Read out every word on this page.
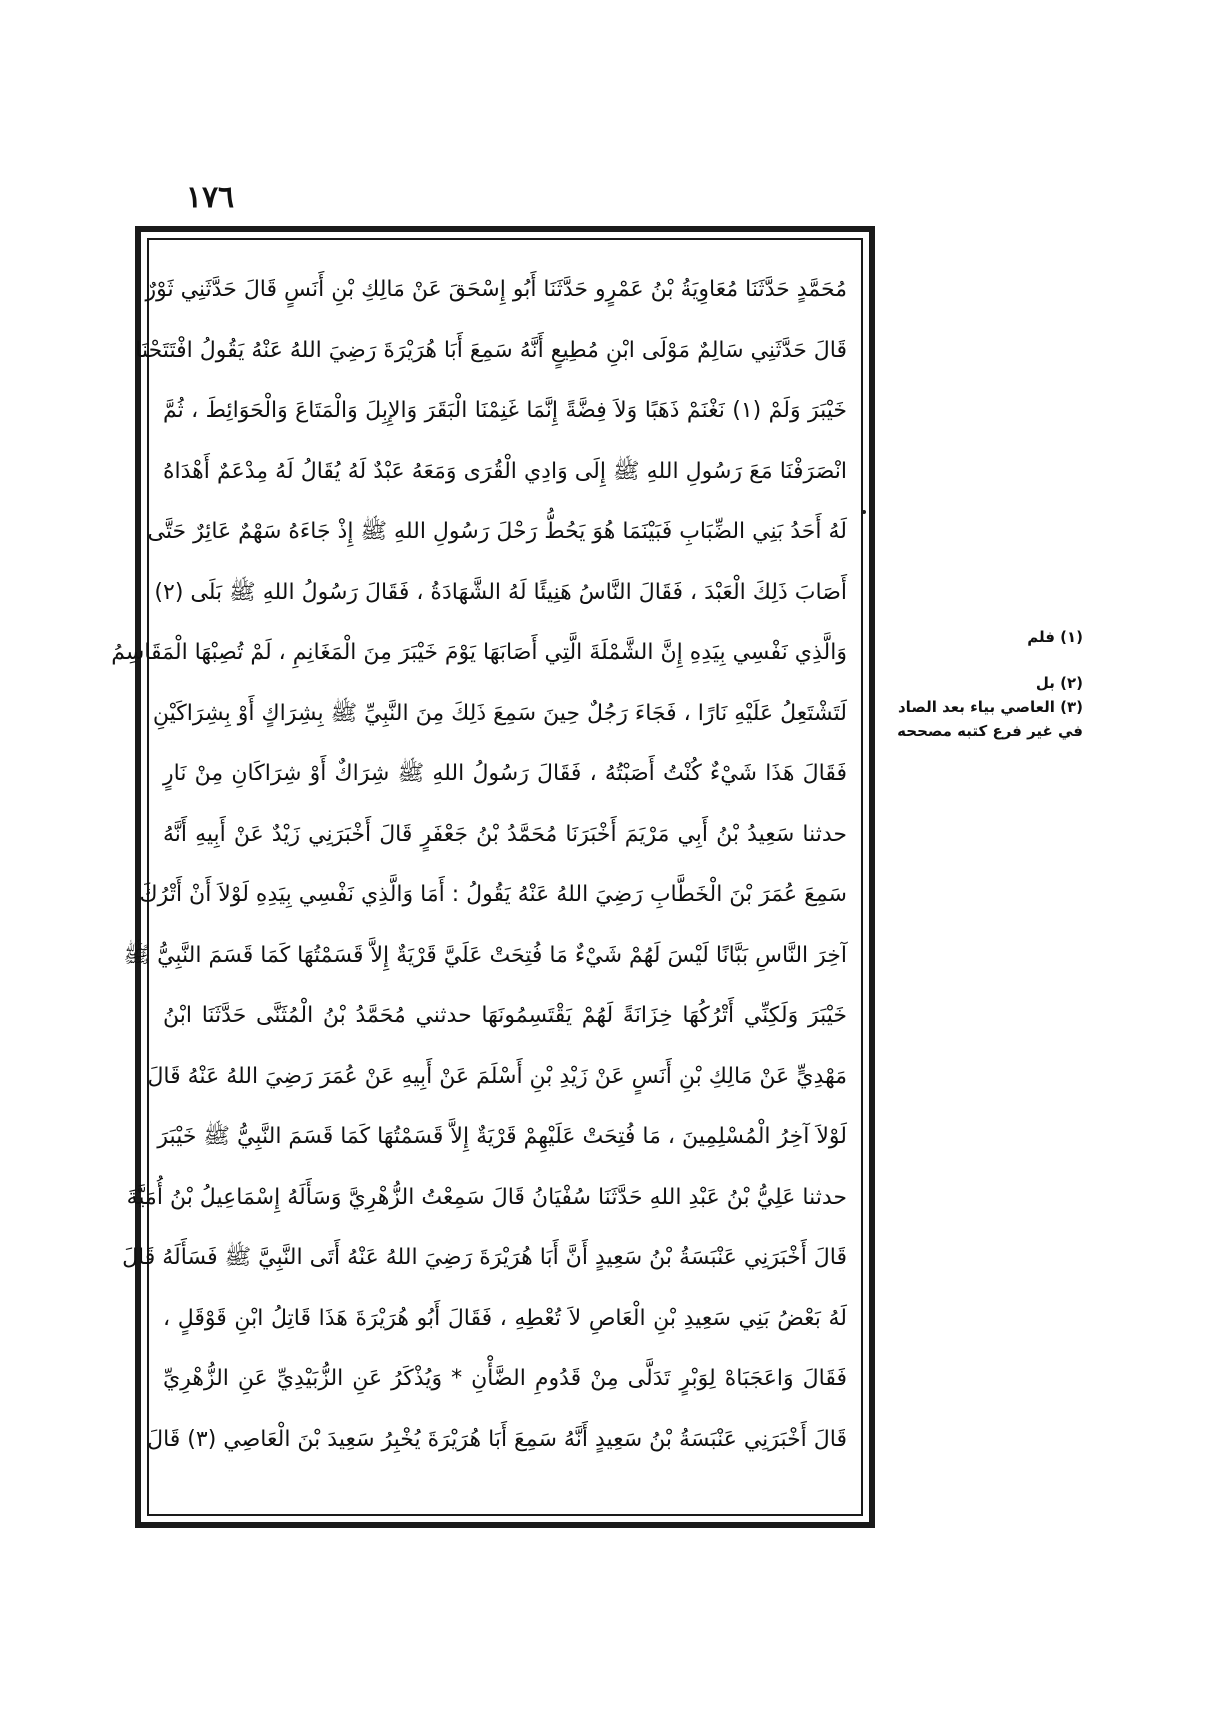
١٧٦
مُحَمَّدٍ حَدَّثَنَا مُعَاوِيَةُ بْنُ عَمْرٍو حَدَّثَنَا أَبُو إِسْحَقَ عَنْ مَالِكِ بْنِ أَنَسٍ قَالَ حَدَّثَنِي ثَوْرٌ
قَالَ حَدَّثَنِي سَالِمٌ مَوْلَى ابْنِ مُطِيعٍ أَنَّهُ سَمِعَ أَبَا هُرَيْرَةَ رَضِيَ اللهُ عَنْهُ يَقُولُ افْتَتَحْنَا
خَيْبَرَ وَلَمْ (١) نَغْنَمْ ذَهَبًا وَلاَ فِضَّةً إِنَّمَا غَنِمْنَا الْبَقَرَ وَالإِبِلَ وَالْمَتَاعَ وَالْحَوَائِطَ ، ثُمَّ
انْصَرَفْنَا مَعَ رَسُولِ اللهِ ﷺ إِلَى وَادِي الْقُرَى وَمَعَهُ عَبْدٌ لَهُ يُقَالُ لَهُ مِدْعَمٌ أَهْدَاهُ
لَهُ أَحَدُ بَنِي الضِّبَابِ فَبَيْنَمَا هُوَ يَحُطُّ رَحْلَ رَسُولِ اللهِ ﷺ إِذْ جَاءَهُ سَهْمٌ عَائِرٌ حَتَّى
أَصَابَ ذَلِكَ الْعَبْدَ ، فَقَالَ النَّاسُ هَنِيئًا لَهُ الشَّهَادَةُ ، فَقَالَ رَسُولُ اللهِ ﷺ بَلَى (٢)
وَالَّذِي نَفْسِي بِيَدِهِ إِنَّ الشَّمْلَةَ الَّتِي أَصَابَهَا يَوْمَ خَيْبَرَ مِنَ الْمَغَانِمِ ، لَمْ تُصِبْهَا الْمَقَاسِمُ
لَتَشْتَعِلُ عَلَيْهِ نَارًا ، فَجَاءَ رَجُلٌ حِينَ سَمِعَ ذَلِكَ مِنَ النَّبِيِّ ﷺ بِشِرَاكٍ أَوْ بِشِرَاكَيْنِ
فَقَالَ هَذَا شَيْءٌ كُنْتُ أَصَبْتُهُ ، فَقَالَ رَسُولُ اللهِ ﷺ شِرَاكٌ أَوْ شِرَاكَانِ مِنْ نَارٍ
حدثنا سَعِيدُ بْنُ أَبِي مَرْيَمَ أَخْبَرَنَا مُحَمَّدُ بْنُ جَعْفَرٍ قَالَ أَخْبَرَنِي زَيْدٌ عَنْ أَبِيهِ أَنَّهُ
سَمِعَ عُمَرَ بْنَ الْخَطَّابِ رَضِيَ اللهُ عَنْهُ يَقُولُ : أَمَا وَالَّذِي نَفْسِي بِيَدِهِ لَوْلاَ أَنْ أَتْرُكَ
آخِرَ النَّاسِ بَبَّانًا لَيْسَ لَهُمْ شَيْءٌ مَا فُتِحَتْ عَلَيَّ قَرْيَةٌ إِلاَّ قَسَمْتُهَا كَمَا قَسَمَ النَّبِيُّ ﷺ
خَيْبَرَ وَلَكِنِّي أَتْرُكُهَا خِزَانَةً لَهُمْ يَقْتَسِمُونَهَا حدثني مُحَمَّدُ بْنُ الْمُثَنَّى حَدَّثَنَا ابْنُ
مَهْدِيٍّ عَنْ مَالِكِ بْنِ أَنَسٍ عَنْ زَيْدِ بْنِ أَسْلَمَ عَنْ أَبِيهِ عَنْ عُمَرَ رَضِيَ اللهُ عَنْهُ قَالَ
لَوْلاَ آخِرُ الْمُسْلِمِينَ ، مَا فُتِحَتْ عَلَيْهِمْ قَرْيَةٌ إِلاَّ قَسَمْتُهَا كَمَا قَسَمَ النَّبِيُّ ﷺ خَيْبَرَ
حدثنا عَلِيُّ بْنُ عَبْدِ اللهِ حَدَّثَنَا سُفْيَانُ قَالَ سَمِعْتُ الزُّهْرِيَّ وَسَأَلَهُ إِسْمَاعِيلُ بْنُ أُمَيَّةَ
قَالَ أَخْبَرَنِي عَنْبَسَةُ بْنُ سَعِيدٍ أَنَّ أَبَا هُرَيْرَةَ رَضِيَ اللهُ عَنْهُ أَتَى النَّبِيَّ ﷺ فَسَأَلَهُ قَالَ
لَهُ بَعْضُ بَنِي سَعِيدِ بْنِ الْعَاصِ لاَ تُعْطِهِ ، فَقَالَ أَبُو هُرَيْرَةَ هَذَا قَاتِلُ ابْنِ قَوْقَلٍ ،
فَقَالَ وَاعَجَبَاهْ لِوَبْرٍ تَدَلَّى مِنْ قَدُومِ الضَّأْنِ * وَيُذْكَرُ عَنِ الزُّبَيْدِيِّ عَنِ الزُّهْرِيِّ
قَالَ أَخْبَرَنِي عَنْبَسَةُ بْنُ سَعِيدٍ أَنَّهُ سَمِعَ أَبَا هُرَيْرَةَ يُخْبِرُ سَعِيدَ بْنَ الْعَاصِي (٣) قَالَ
(١) فلم
(٢) بل
(٣) العاصي بياء بعد الصاد
في غير فرع كتبه مصححه
